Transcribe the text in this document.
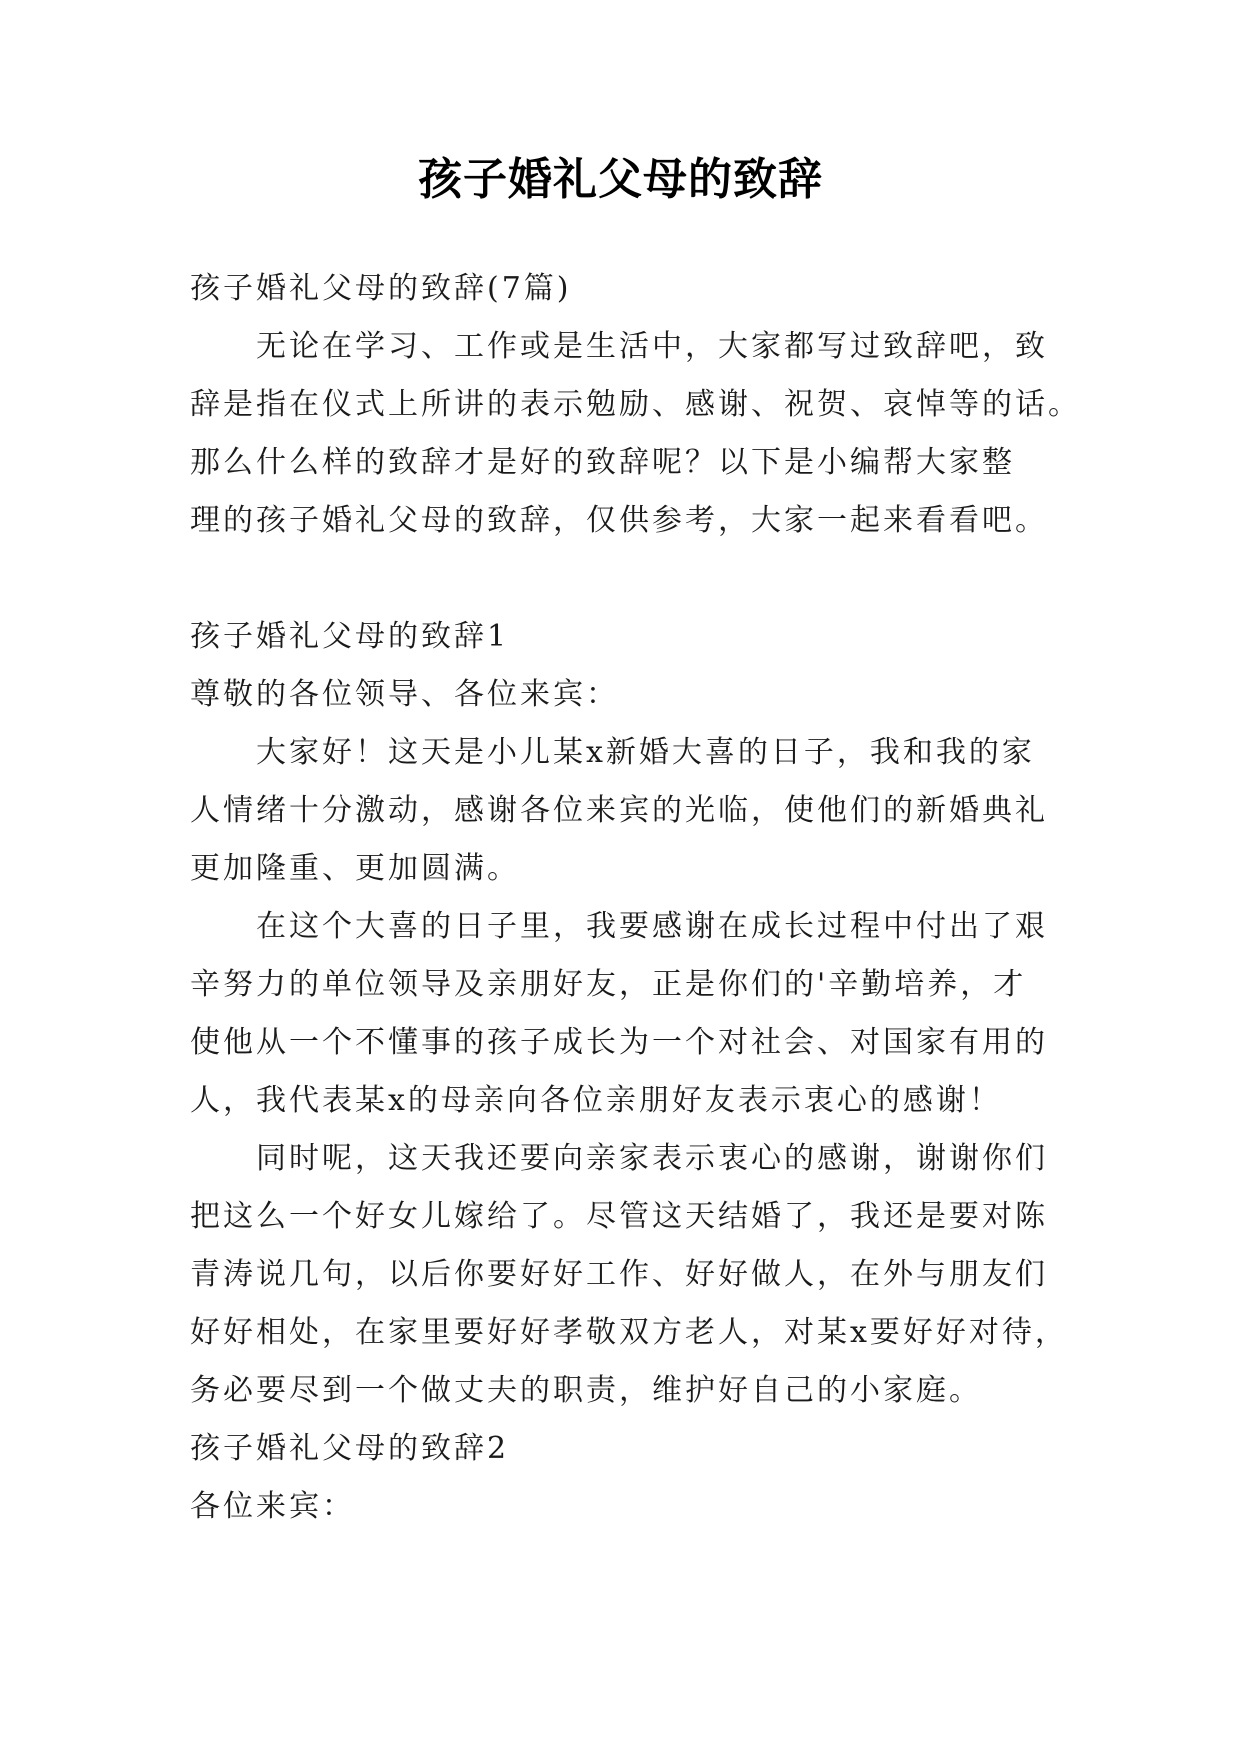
孩子婚礼父母的致辞
孩子婚礼父母的致辞(7篇)
无论在学习、工作或是生活中，大家都写过致辞吧，致
辞是指在仪式上所讲的表示勉励、感谢、祝贺、哀悼等的话。
那么什么样的致辞才是好的致辞呢？以下是小编帮大家整
理的孩子婚礼父母的致辞，仅供参考，大家一起来看看吧。
孩子婚礼父母的致辞1
尊敬的各位领导、各位来宾：
大家好！这天是小儿某x新婚大喜的日子，我和我的家
人情绪十分激动，感谢各位来宾的光临，使他们的新婚典礼
更加隆重、更加圆满。
在这个大喜的日子里，我要感谢在成长过程中付出了艰
辛努力的单位领导及亲朋好友，正是你们的'辛勤培养，才
使他从一个不懂事的孩子成长为一个对社会、对国家有用的
人，我代表某x的母亲向各位亲朋好友表示衷心的感谢！
同时呢，这天我还要向亲家表示衷心的感谢，谢谢你们
把这么一个好女儿嫁给了。尽管这天结婚了，我还是要对陈
青涛说几句，以后你要好好工作、好好做人，在外与朋友们
好好相处，在家里要好好孝敬双方老人，对某x要好好对待，
务必要尽到一个做丈夫的职责，维护好自己的小家庭。
孩子婚礼父母的致辞2
各位来宾：
